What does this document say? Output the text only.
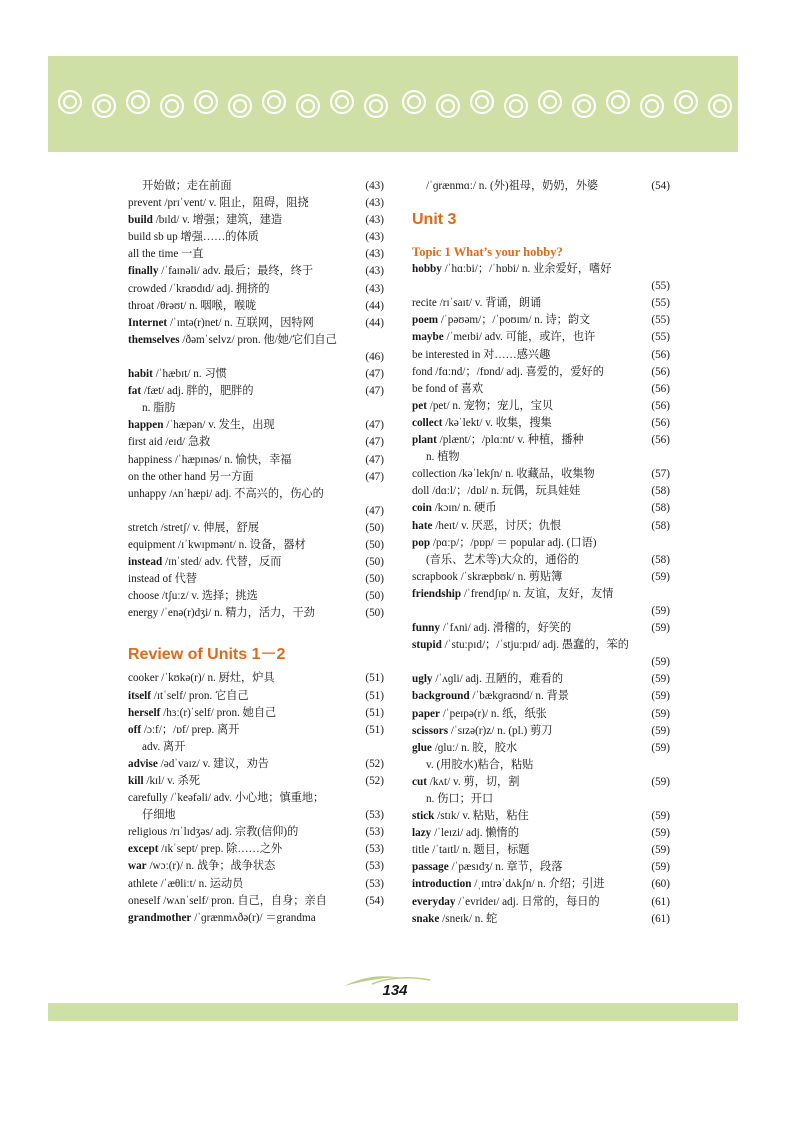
开始做；走在前面	(43)
prevent /prɪˈvent/ v. 阻止，阻碍，阻挠	(43)
build /bɪld/ v. 增强；建筑，建造	(43)
build sb up 增强……的体质	(43)
all the time 一直	(43)
finally /ˈfaɪnəli/ adv. 最后；最终，终于	(43)
crowded /ˈkraʊdɪd/ adj. 拥挤的	(43)
throat /θrəʊt/ n. 咽喉，喉咙	(44)
Internet /ˈɪntə(r)net/ n. 互联网，因特网	(44)
themselves /ðəmˈselvz/ pron. 他/她/它们自己
(46)
habit /ˈhæbɪt/ n. 习惯	(47)
fat /fæt/ adj. 胖的，肥胖的	(47)
n. 脂肪
happen /ˈhæpən/ v. 发生，出现	(47)
first aid /eɪd/ 急救	(47)
happiness /ˈhæpɪnəs/ n. 愉快，幸福	(47)
on the other hand 另一方面	(47)
unhappy /ʌnˈhæpi/ adj. 不高兴的，伤心的
(47)
stretch /stretʃ/ v. 伸展，舒展	(50)
equipment /ɪˈkwɪpmənt/ n. 设备，器材	(50)
instead /ɪnˈsted/ adv. 代替，反而	(50)
instead of 代替	(50)
choose /tʃuːz/ v. 选择；挑选	(50)
energy /ˈenə(r)dʒi/ n. 精力，活力，干劲	(50)
Review of Units 1－2
cooker /ˈkʊkə(r)/ n. 厨灶，炉具	(51)
itself /ɪtˈself/ pron. 它自己	(51)
herself /hɜː(r)ˈself/ pron. 她自己	(51)
off /ɔːf/；/ɒf/ prep. 离开	(51)
adv. 离开
advise /ədˈvaɪz/ v. 建议，劝告	(52)
kill /kɪl/ v. 杀死	(52)
carefully /ˈkeəfəli/ adv. 小心地；慎重地；
仔细地	(53)
religious /rɪˈlɪdʒəs/ adj. 宗教(信仰)的	(53)
except /ɪkˈsept/ prep. 除……之外	(53)
war /wɔː(r)/ n. 战争；战争状态	(53)
athlete /ˈæθliːt/ n. 运动员	(53)
oneself /wʌnˈself/ pron. 自己，自身；亲自	(54)
grandmother /ˈɡrænmʌðə(r)/ ＝grandma
/ˈɡrænmɑː/ n. (外)祖母，奶奶，外婆	(54)
Unit 3
Topic 1 What’s your hobby?
hobby /ˈhɑːbi/；/ˈhɒbi/ n. 业余爱好，嗜好
(55)
recite /rɪˈsaɪt/ v. 背诵，朗诵	(55)
poem /ˈpəʊəm/；/ˈpoʊɪm/ n. 诗；韵文	(55)
maybe /ˈmeɪbi/ adv. 可能，或许，也许	(55)
be interested in 对……感兴趣	(56)
fond /fɑːnd/；/fɒnd/ adj. 喜爱的，爱好的	(56)
be fond of 喜欢	(56)
pet /pet/ n. 宠物；宠儿，宝贝	(56)
collect /kəˈlekt/ v. 收集，搜集	(56)
plant /plænt/；/plɑːnt/ v. 种植，播种	(56)
n. 植物
collection /kəˈlekʃn/ n. 收藏品，收集物	(57)
doll /dɑːl/；/dɒl/ n. 玩偶，玩具娃娃	(58)
coin /kɔɪn/ n. 硬币	(58)
hate /heɪt/ v. 厌恶，讨厌；仇恨	(58)
pop /pɑːp/；/pɒp/ ＝ popular adj. (口语)
(音乐、艺术等)大众的，通俗的	(58)
scrapbook /ˈskræpbʊk/ n. 剪贴簿	(59)
friendship /ˈfrendʃɪp/ n. 友谊，友好，友情
(59)
funny /ˈfʌni/ adj. 滑稽的，好笑的	(59)
stupid /ˈstuːpɪd/；/ˈstjuːpɪd/ adj. 愚蠢的，笨的
(59)
ugly /ˈʌɡli/ adj. 丑陋的，难看的	(59)
background /ˈbækɡraʊnd/ n. 背景	(59)
paper /ˈpeɪpə(r)/ n. 纸，纸张	(59)
scissors /ˈsɪzə(r)z/ n. (pl.) 剪刀	(59)
glue /ɡluː/ n. 胶，胶水	(59)
v. (用胶水)粘合，粘贴
cut /kʌt/ v. 剪，切，割	(59)
n. 伤口；开口
stick /stɪk/ v. 粘贴，粘住	(59)
lazy /ˈleɪzi/ adj. 懒惰的	(59)
title /ˈtaɪtl/ n. 题目，标题	(59)
passage /ˈpæsɪdʒ/ n. 章节，段落	(59)
introduction /ˌɪntrəˈdʌkʃn/ n. 介绍；引进	(60)
everyday /ˈevrideɪ/ adj. 日常的，每日的	(61)
snake /sneɪk/ n. 蛇	(61)
134
